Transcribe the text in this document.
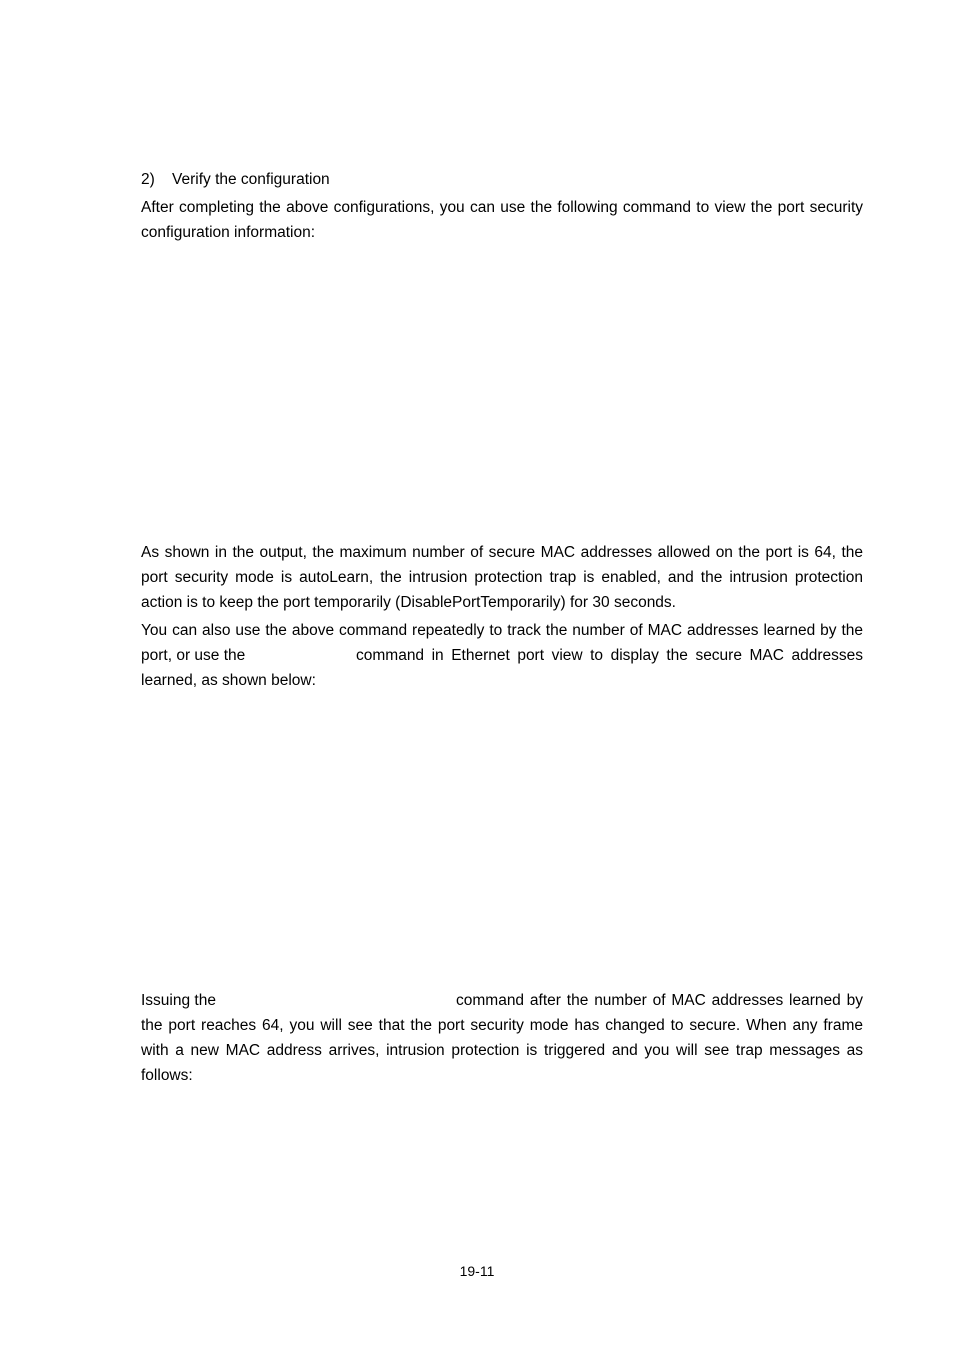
2) Verify the configuration
After completing the above configurations, you can use the following command to view the port security
configuration information:
As shown in the output, the maximum number of secure MAC addresses allowed on the port is 64, the
port security mode is autoLearn, the intrusion protection trap is enabled, and the intrusion protection
action is to keep the port temporarily (DisablePortTemporarily) for 30 seconds.
You can also use the above command repeatedly to track the number of MAC addresses learned by the
port, or use the	command in Ethernet port view to display the secure MAC addresses
learned, as shown below:
Issuing the	command after the number of MAC addresses learned by
the port reaches 64, you will see that the port security mode has changed to secure. When any frame
with a new MAC address arrives, intrusion protection is triggered and you will see trap messages as
follows:
19-11
